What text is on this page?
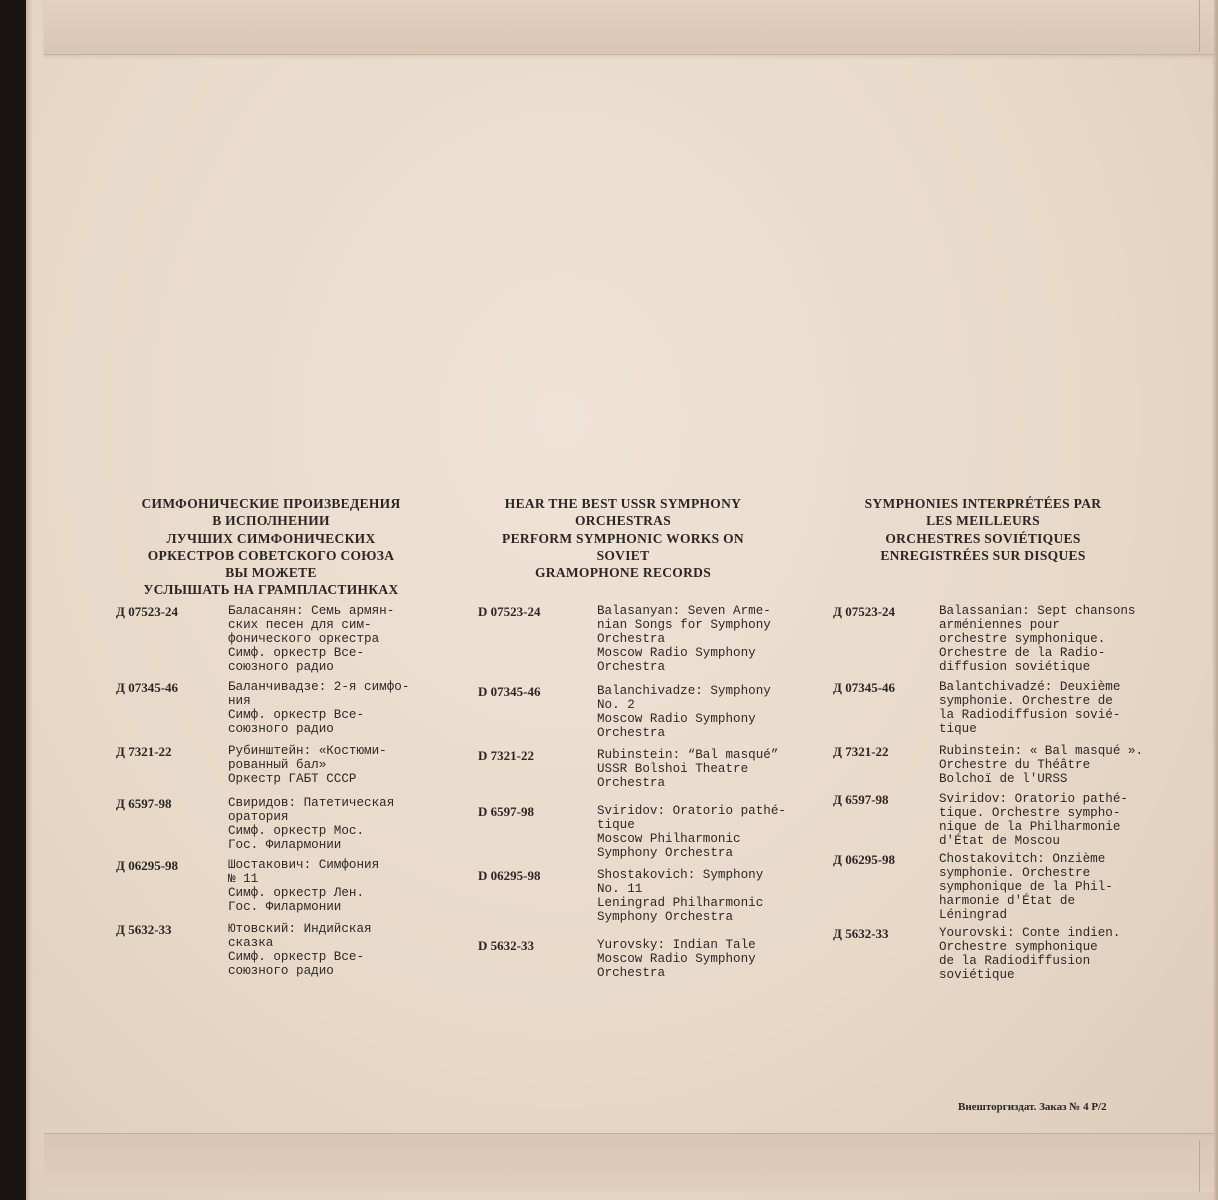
СИМФОНИЧЕСКИЕ ПРОИЗВЕДЕНИЯ
В ИСПОЛНЕНИИ
ЛУЧШИХ СИМФОНИЧЕСКИХ
ОРКЕСТРОВ СОВЕТСКОГО СОЮЗА
ВЫ МОЖЕТЕ
УСЛЫШАТЬ НА ГРАМПЛАСТИНКАХ
Д 07523-24	Баласанян: Семь армян-
ских песен для сим-
фонического оркестра
Симф. оркестр Все-
союзного радио
Д 07345-46	Баланчивадзе: 2-я симфо-
ния
Симф. оркестр Все-
союзного радио
Д 7321-22	Рубинштейн: «Костюми-
рованный бал»
Оркестр ГАБТ СССР
Д 6597-98	Свиридов: Патетическая
оратория
Симф. оркестр Мос.
Гос. Филармонии
Д 06295-98	Шостакович: Симфония
№ 11
Симф. оркестр Лен.
Гос. Филармонии
Д 5632-33	Ютовский: Индийская
сказка
Симф. оркестр Все-
союзного радио
HEAR THE BEST USSR SYMPHONY
ORCHESTRAS
PERFORM SYMPHONIC WORKS ON
SOVIET
GRAMOPHONE RECORDS
D 07523-24	Balasanyan: Seven Arme-
nian Songs for Symphony
Orchestra
Moscow Radio Symphony
Orchestra
D 07345-46	Balanchivadze: Symphony
No. 2
Moscow Radio Symphony
Orchestra
D 7321-22	Rubinstein: “Bal masqué”
USSR Bolshoi Theatre
Orchestra
D 6597-98	Sviridov: Oratorio pathé-
tique
Moscow Philharmonic
Symphony Orchestra
D 06295-98	Shostakovich: Symphony
No. 11
Leningrad Philharmonic
Symphony Orchestra
D 5632-33	Yurovsky: Indian Tale
Moscow Radio Symphony
Orchestra
SYMPHONIES INTERPRÉTÉES PAR
LES MEILLEURS
ORCHESTRES SOVIÉTIQUES
ENREGISTRÉES SUR DISQUES
Д 07523-24	Balassanian: Sept chansons
arméniennes pour
orchestre symphonique.
Orchestre de la Radio-
diffusion soviétique
Д 07345-46	Balantchivadzé: Deuxième
symphonie. Orchestre de
la Radiodiffusion sovié-
tique
Д 7321-22	Rubinstein: « Bal masqué ».
Orchestre du Théâtre
Bolchoï de l'URSS
Д 6597-98	Sviridov: Oratorio pathé-
tique. Orchestre sympho-
nique de la Philharmonie
d'État de Moscou
Д 06295-98	Chostakovitch: Onzième
symphonie. Orchestre
symphonique de la Phil-
harmonie d'État de
Léningrad
Д 5632-33	Yourovski: Conte indien.
Orchestre symphonique
de la Radiodiffusion
soviétique
Внешторгиздат. Заказ № 4 Р/2
